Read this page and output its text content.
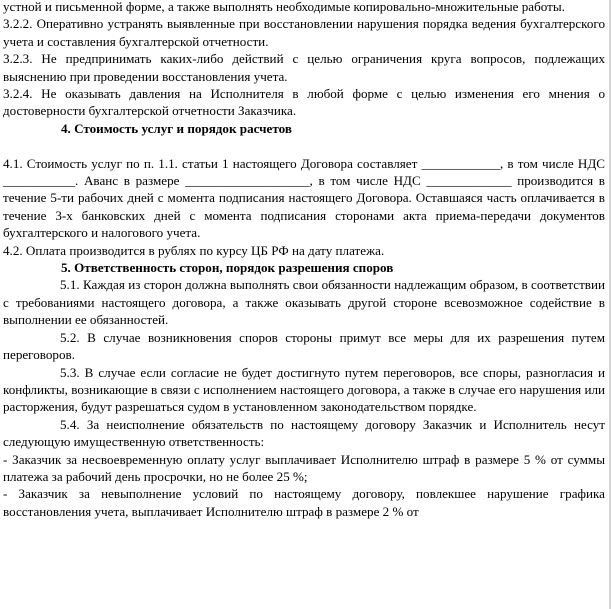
устной и письменной форме, а также выполнять необходимые копировально-множительные работы.

3.2.2. Оперативно устранять выявленные при восстановлении нарушения порядка ведения бухгалтерского учета и составления бухгалтерской отчетности.

3.2.3. Не предпринимать каких-либо действий с целью ограничения круга вопросов, подлежащих выяснению при проведении восстановления учета.

3.2.4. Не оказывать давления на Исполнителя в любой форме с целью изменения его мнения о достоверности бухгалтерской отчетности Заказчика.

4. Стоимость услуг и порядок расчетов

4.1. Стоимость услуг по п. 1.1. статьи 1 настоящего Договора составляет ____________, в том числе НДС ___________. Аванс в размере ___________________, в том числе НДС _____________ производится в течение 5-ти рабочих дней с момента подписания настоящего Договора. Оставшаяся часть оплачивается в течение 3-х банковских дней с момента подписания сторонами акта приема-передачи документов бухгалтерского и налогового учета.

4.2. Оплата производится в рублях по курсу ЦБ РФ на дату платежа.

5. Ответственность сторон, порядок разрешения споров

5.1. Каждая из сторон должна выполнять свои обязанности надлежащим образом, в соответствии с требованиями настоящего договора, а также оказывать другой стороне всевозможное содействие в выполнении ее обязанностей.

5.2. В случае возникновения споров стороны примут все меры для их разрешения путем переговоров.

5.3. В случае если согласие не будет достигнуто путем переговоров, все споры, разногласия и конфликты, возникающие в связи с исполнением настоящего договора, а также в случае его нарушения или расторжения, будут разрешаться судом в установленном законодательством порядке.

5.4. За неисполнение обязательств по настоящему договору Заказчик и Исполнитель несут следующую имущественную ответственность:

- Заказчик за несвоевременную оплату услуг выплачивает Исполнителю штраф в размере 5 % от суммы платежа за рабочий день просрочки, но не более 25 %;

- Заказчик за невыполнение условий по настоящему договору, повлекшее нарушение графика восстановления учета, выплачивает Исполнителю штраф в размере 2 % от
